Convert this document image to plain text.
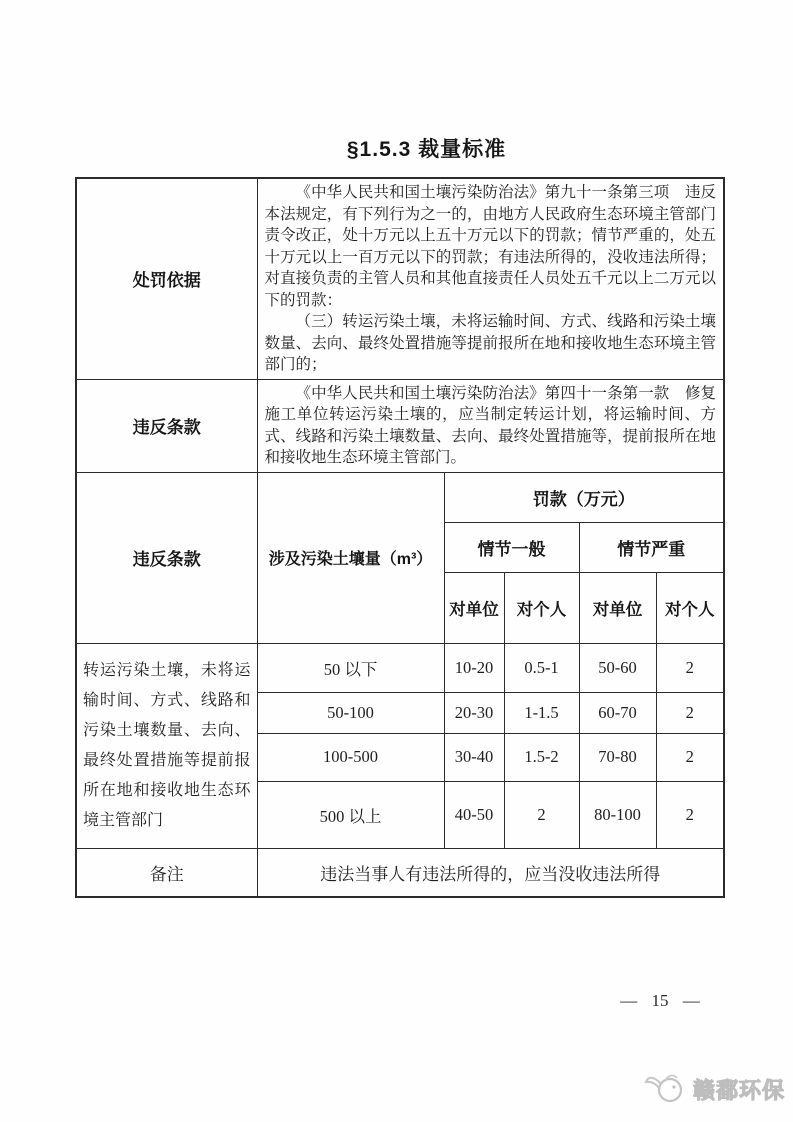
§1.5.3 裁量标准
处罚依据	《中华人民共和国土壤污染防治法》第九十一条第三项　违反本法规定，有下列行为之一的，由地方人民政府生态环境主管部门责令改正，处十万元以上五十万元以下的罚款；情节严重的，处五十万元以上一百万元以下的罚款；有违法所得的，没收违法所得；对直接负责的主管人员和其他直接责任人员处五千元以上二万元以下的罚款：

（三）转运污染土壤，未将运输时间、方式、线路和污染土壤数量、去向、最终处置措施等提前报所在地和接收地生态环境主管部门的；				

违反条款	《中华人民共和国土壤污染防治法》第四十一条第一款　修复施工单位转运污染土壤的，应当制定转运计划，将运输时间、方式、线路和污染土壤数量、去向、最终处置措施等，提前报所在地和接收地生态环境主管部门。				

违反条款	涉及污染土壤量（m³）	罚款（万元）			
		情节一般		情节严重	
		对单位	对个人	对单位	对个人
转运污染土壤，未将运输时间、方式、线路和污染土壤数量、去向、最终处置措施等提前报所在地和接收地生态环境主管部门	50 以下	10-20	0.5-1	50-60	2
	50-100	20-30	1-1.5	60-70	2
	100-500	30-40	1.5-2	70-80	2
	500 以上	40-50	2	80-100	2
备注	违法当事人有违法所得的，应当没收违法所得				
— 15 —
赣鄱环保
